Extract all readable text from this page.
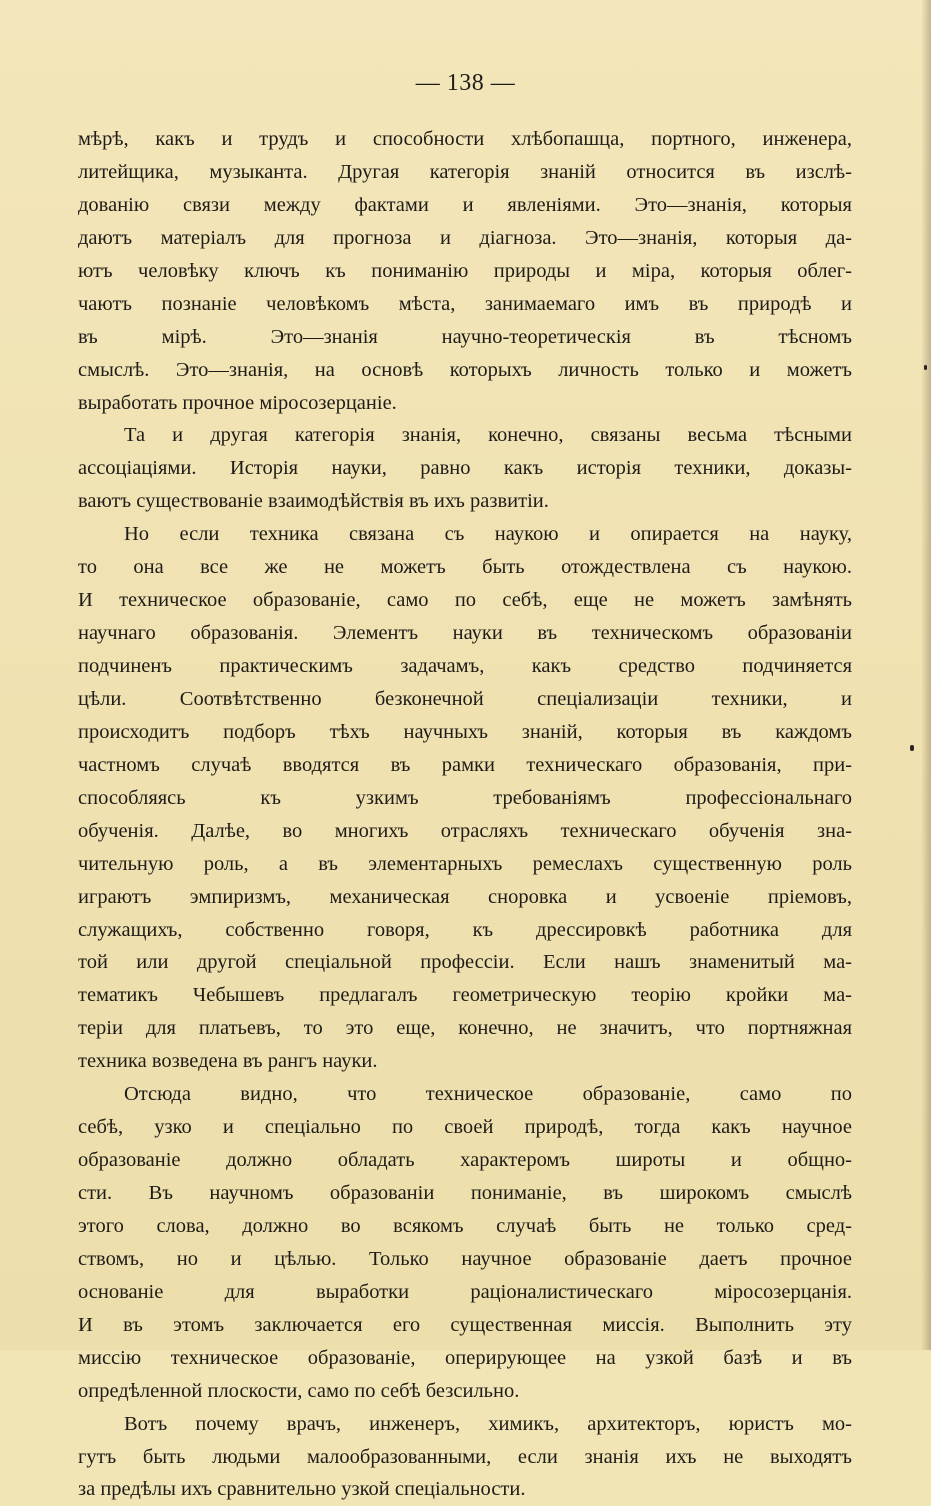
— 138 —
мѣрѣ, какъ и трудъ и способности хлѣбопашца, портного, инженера,
литейщика, музыканта. Другая категорія знаній относится въ изслѣ-
дованію связи между фактами и явленіями. Это—знанія, которыя
даютъ матеріалъ для прогноза и діагноза. Это—знанія, которыя да-
ютъ человѣку ключъ къ пониманію природы и міра, которыя облег-
чаютъ познаніе человѣкомъ мѣста, занимаемаго имъ въ природѣ и
въ мірѣ. Это—знанія научно-теоретическія въ тѣсномъ
смыслѣ. Это—знанія, на основѣ которыхъ личность только и можетъ
выработать прочное міросозерцаніе.
Та и другая категорія знанія, конечно, связаны весьма тѣсными
ассоціаціями. Исторія науки, равно какъ исторія техники, доказы-
ваютъ существованіе взаимодѣйствія въ ихъ развитіи.
Но если техника связана съ наукою и опирается на науку,
то она все же не можетъ быть отождествлена съ наукою.
И техническое образованіе, само по себѣ, еще не можетъ замѣнять
научнаго образованія. Элементъ науки въ техническомъ образованіи
подчиненъ практическимъ задачамъ, какъ средство подчиняется
цѣли. Соотвѣтственно безконечной спеціализаціи техники, и
происходитъ подборъ тѣхъ научныхъ знаній, которыя въ каждомъ
частномъ случаѣ вводятся въ рамки техническаго образованія, при-
способляясь къ узкимъ требованіямъ профессіональнаго
обученія. Далѣе, во многихъ отрасляхъ техническаго обученія зна-
чительную роль, а въ элементарныхъ ремеслахъ существенную роль
играютъ эмпиризмъ, механическая сноровка и усвоеніе пріемовъ,
служащихъ, собственно говоря, къ дрессировкѣ работника для
той или другой спеціальной профессіи. Если нашъ знаменитый ма-
тематикъ Чебышевъ предлагалъ геометрическую теорію кройки ма-
теріи для платьевъ, то это еще, конечно, не значитъ, что портняжная
техника возведена въ рангъ науки.
Отсюда видно, что техническое образованіе, само по
себѣ, узко и спеціально по своей природѣ, тогда какъ научное
образованіе должно обладать характеромъ широты и общно-
сти. Въ научномъ образованіи пониманіе, въ широкомъ смыслѣ
этого слова, должно во всякомъ случаѣ быть не только сред-
ствомъ, но и цѣлью. Только научное образованіе даетъ прочное
основаніе для выработки раціоналистическаго міросозерцанія.
И въ этомъ заключается его существенная миссія. Выполнить эту
миссію техническое образованіе, оперирующее на узкой базѣ и въ
опредѣленной плоскости, само по себѣ безсильно.
Вотъ почему врачъ, инженеръ, химикъ, архитекторъ, юристъ мо-
гутъ быть людьми малообразованными, если знанія ихъ не выходятъ
за предѣлы ихъ сравнительно узкой спеціальности.
